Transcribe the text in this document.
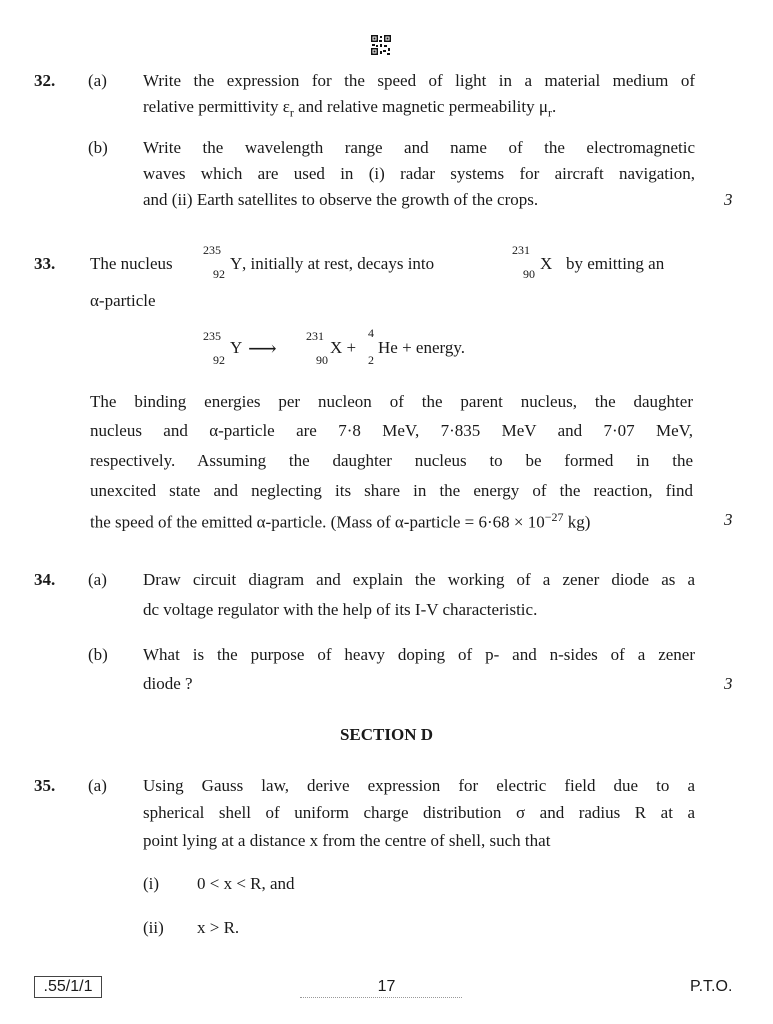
32. (a) Write the expression for the speed of light in a material medium of
relative permittivity $\varepsilon_r$ and relative magnetic permeability $\mu_r$.
(b) Write the wavelength range and name of the electromagnetic
waves which are used in (i) radar systems for aircraft navigation,
and (ii) Earth satellites to observe the growth of the crops.	3
33. The nucleus
235
92
Y , initially at rest, decays into
231
90
X by emitting an
α-particle
235
92
Y ⟶
231
90
X +
4
2
He + energy.
The binding energies per nucleon of the parent nucleus, the daughter
nucleus and α-particle are 7·8 MeV, 7·835 MeV and 7·07 MeV,
respectively. Assuming the daughter nucleus to be formed in the
unexcited state and neglecting its share in the energy of the reaction, find
the speed of the emitted α-particle. (Mass of α-particle = $6\cdot 68 \times 10^{-27}$ kg)	3
34. (a) Draw circuit diagram and explain the working of a zener diode as a
dc voltage regulator with the help of its I-V characteristic.
(b) What is the purpose of heavy doping of p- and n-sides of a zener
diode ?	3
SECTION D
35. (a) Using Gauss law, derive expression for electric field due to a
spherical shell of uniform charge distribution σ and radius R at a
point lying at a distance x from the centre of shell, such that
(i) 0 < x < R, and
(ii) x > R.
.55/1/1	17	P.T.O.
